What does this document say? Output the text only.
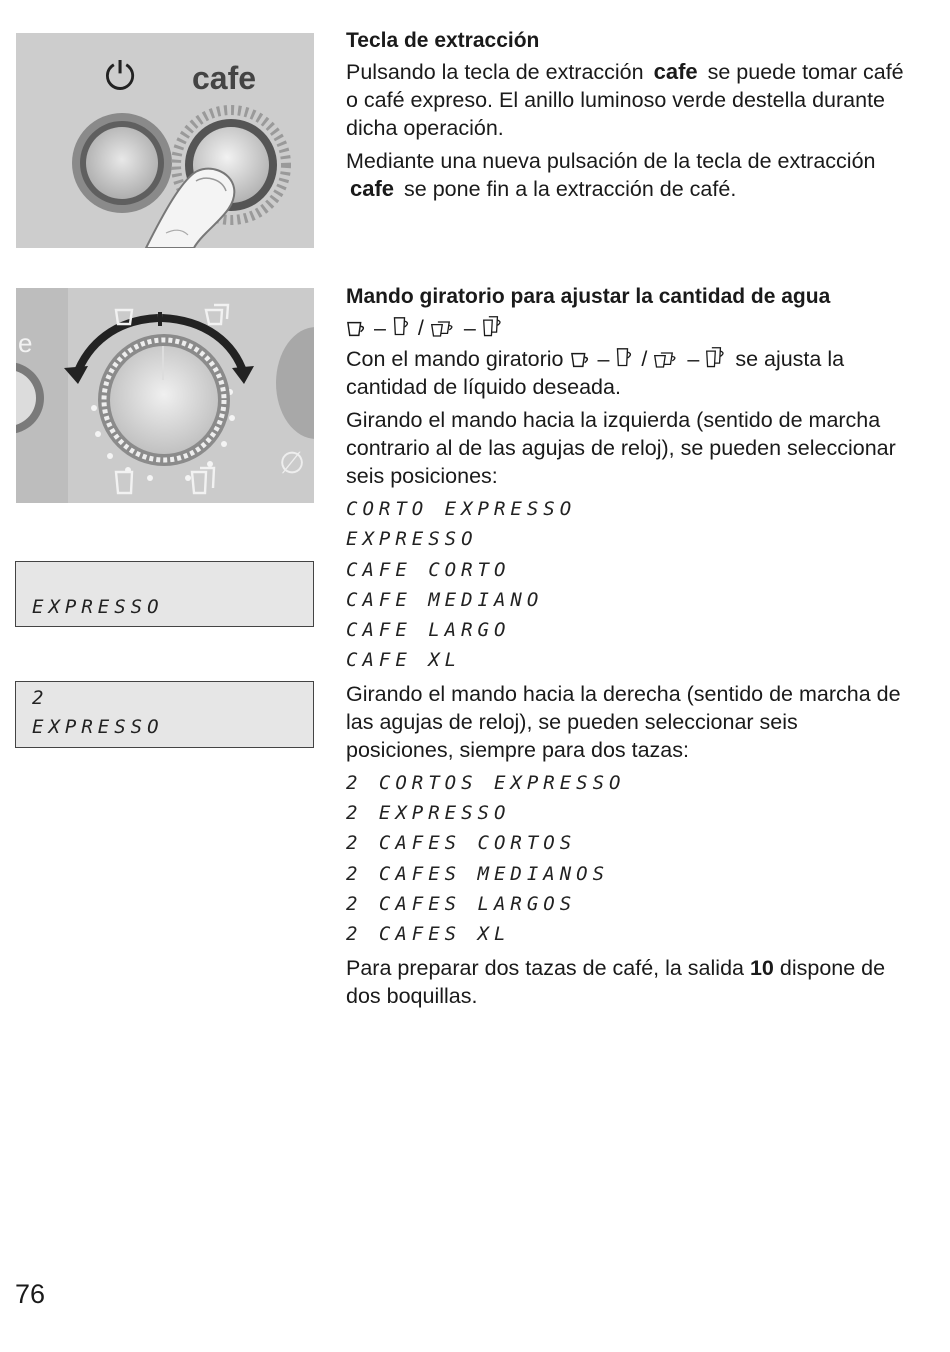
⏻ cafe

Tecla de extracción

Pulsando la tecla de extracción cafe se puede tomar café o café expreso. El anillo luminoso verde destella durante dicha operación.

Mediante una nueva pulsación de la tecla de extracción cafe se pone fin a la extracción de café.

e
∅

Mando giratorio para ajustar la cantidad de agua

– / –

Con el mando giratorio – / – se ajusta la cantidad de líquido deseada.

Girando el mando hacia la izquierda (sentido de marcha contrario al de las agujas de reloj), se pueden seleccionar seis posiciones:

CORTO EXPRESSO
EXPRESSO
CAFE CORTO
CAFE MEDIANO
CAFE LARGO
CAFE XL

Girando el mando hacia la derecha (sentido de marcha de las agujas de reloj), se pueden seleccionar seis posiciones, siempre para dos tazas:

2 CORTOS EXPRESSO
2 EXPRESSO
2 CAFES CORTOS
2 CAFES MEDIANOS
2 CAFES LARGOS
2 CAFES XL

Para preparar dos tazas de café, la salida 10 dispone de dos boquillas.

EXPRESSO
2
EXPRESSO
76
